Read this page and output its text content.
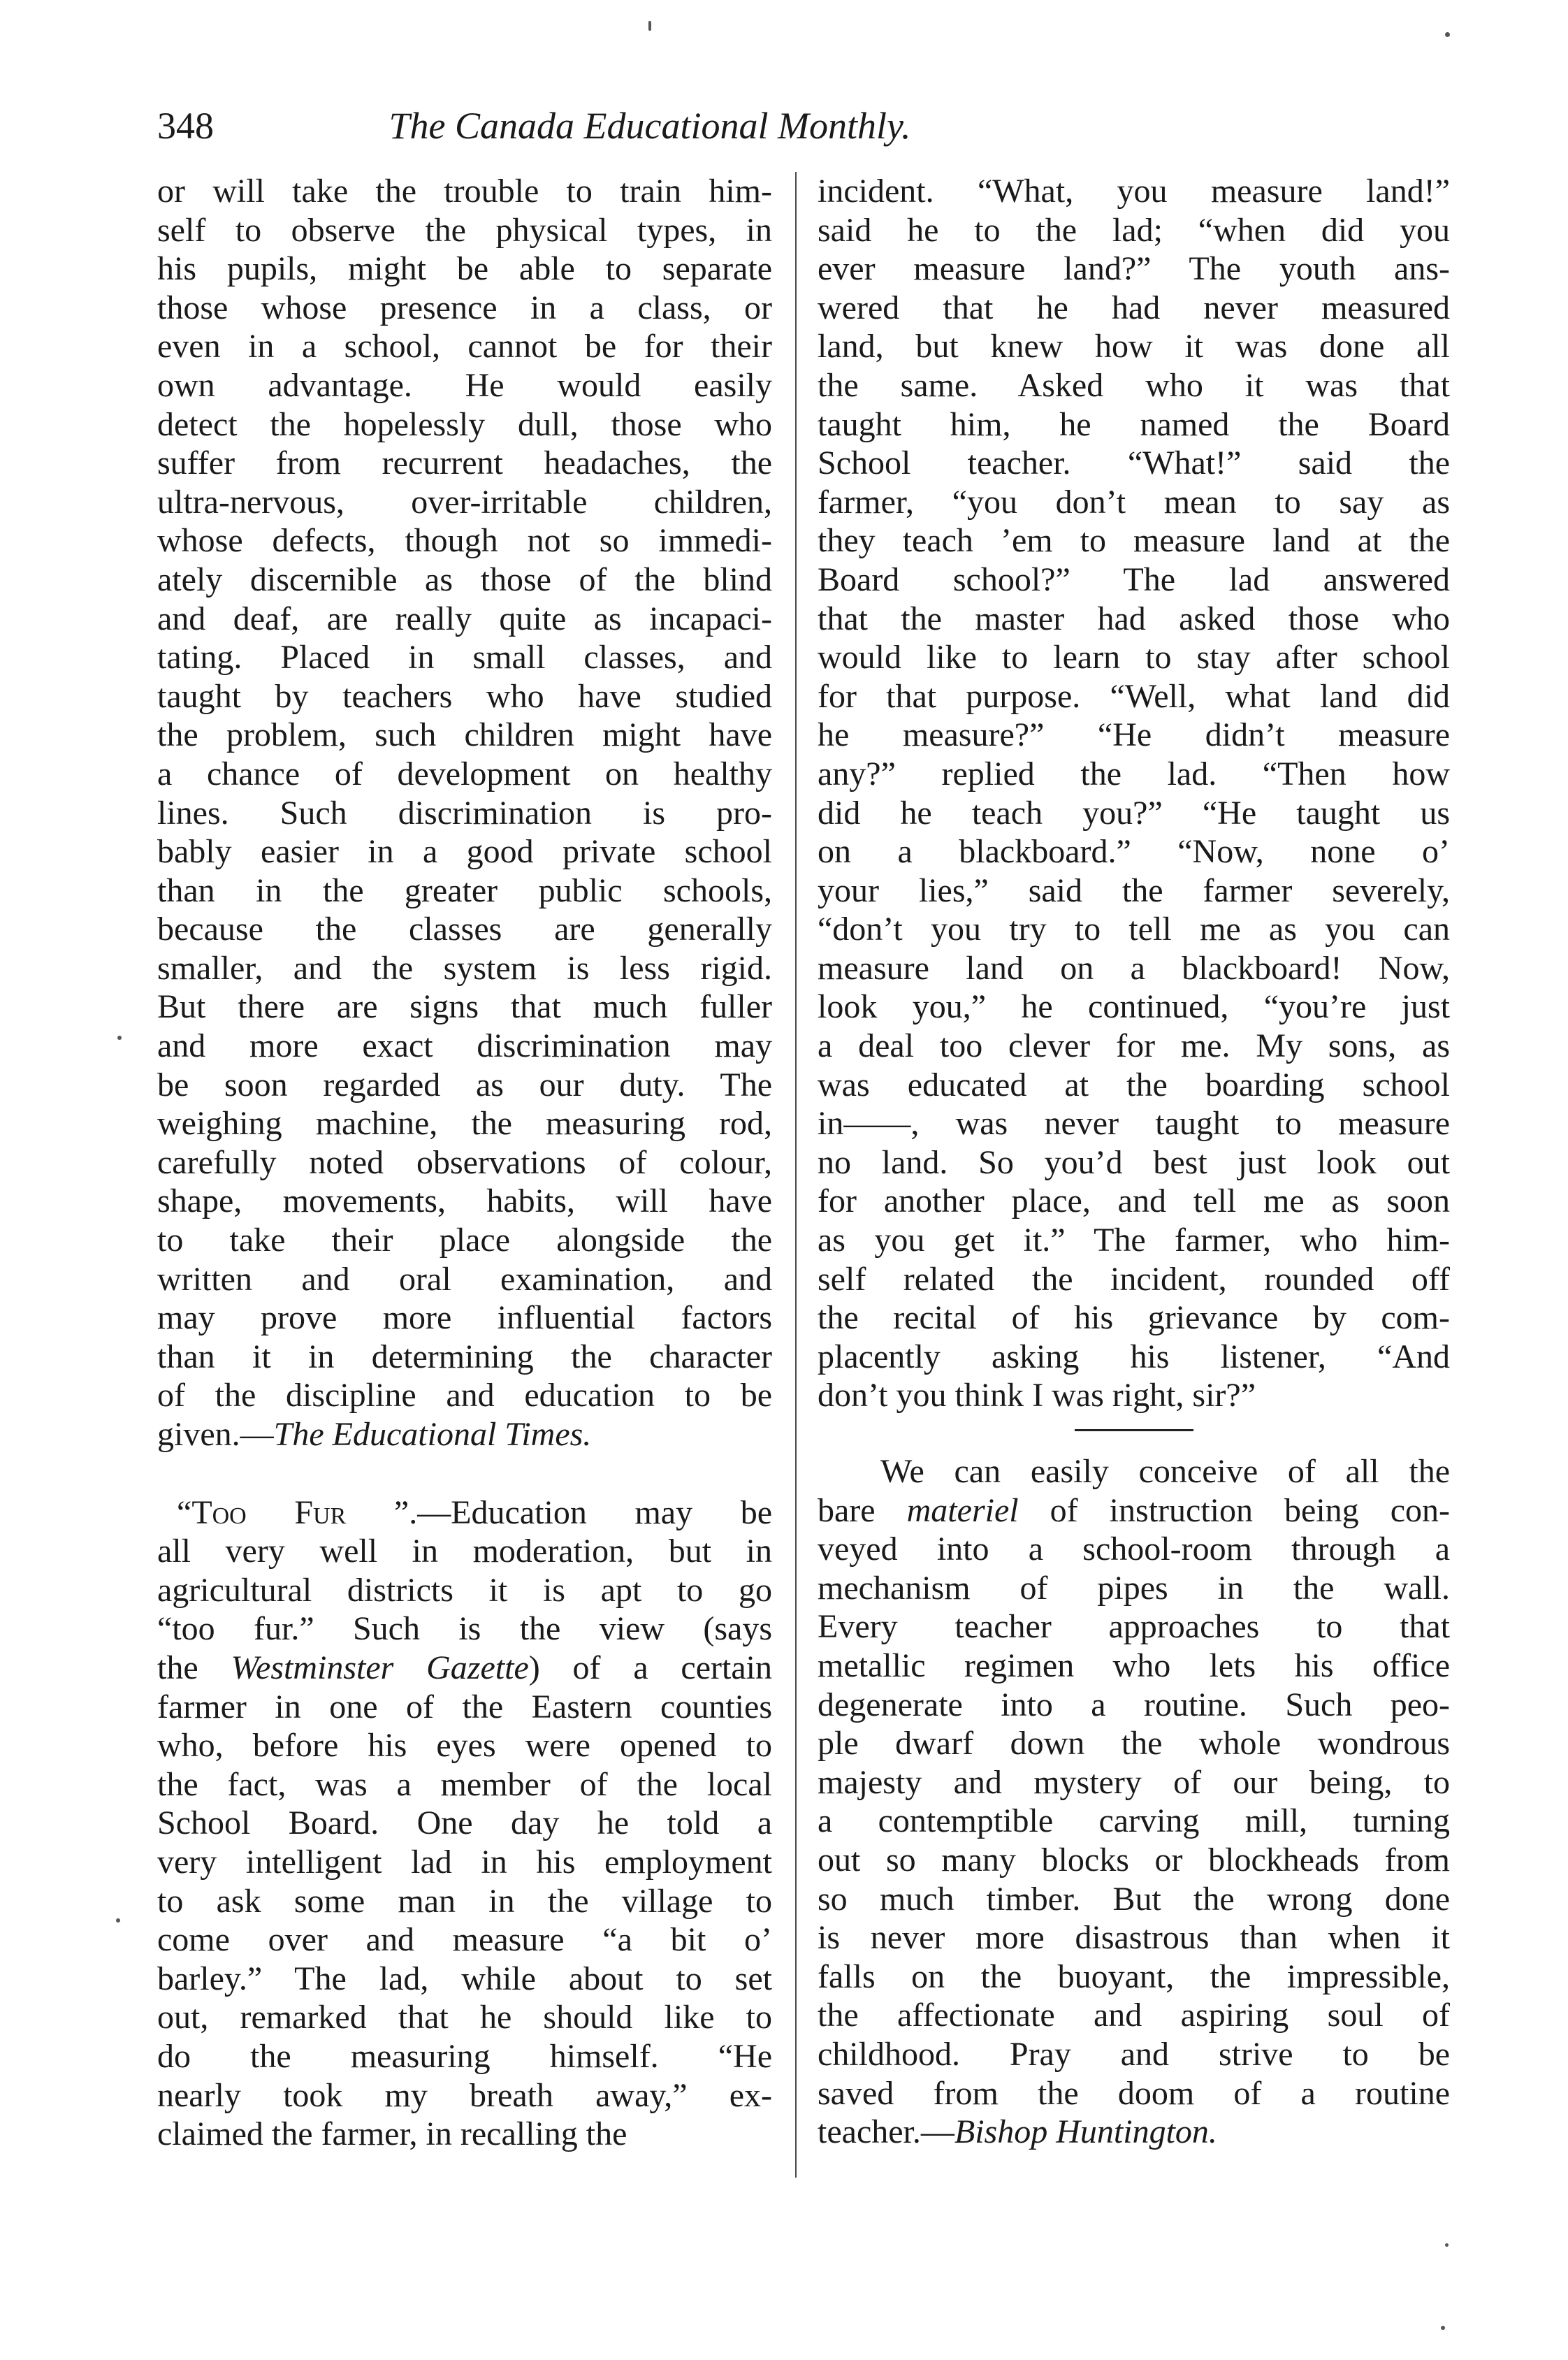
348	The Canada Educational Monthly.
or will take the trouble to train him-
self to observe the physical types, in
his pupils, might be able to separate
those whose presence in a class, or
even in a school, cannot be for their
own advantage. He would easily
detect the hopelessly dull, those who
suffer from recurrent headaches, the
ultra-nervous, over-irritable children,
whose defects, though not so immedi-
ately discernible as those of the blind
and deaf, are really quite as incapaci-
tating. Placed in small classes, and
taught by teachers who have studied
the problem, such children might have
a chance of development on healthy
lines. Such discrimination is pro-
bably easier in a good private school
than in the greater public schools,
because the classes are generally
smaller, and the system is less rigid.
But there are signs that much fuller
and more exact discrimination may
be soon regarded as our duty. The
weighing machine, the measuring rod,
carefully noted observations of colour,
shape, movements, habits, will have
to take their place alongside the
written and oral examination, and
may prove more influential factors
than it in determining the character
of the discipline and education to be
given.—The Educational Times.
“Too Fur ”.—Education may be
all very well in moderation, but in
agricultural districts it is apt to go
“too fur.” Such is the view (says
the Westminster Gazette) of a certain
farmer in one of the Eastern counties
who, before his eyes were opened to
the fact, was a member of the local
School Board. One day he told a
very intelligent lad in his employment
to ask some man in the village to
come over and measure “a bit o’
barley.” The lad, while about to set
out, remarked that he should like to
do the measuring himself. “He
nearly took my breath away,” ex-
claimed the farmer, in recalling the
incident. “What, you measure land!”
said he to the lad; “when did you
ever measure land?” The youth ans-
wered that he had never measured
land, but knew how it was done all
the same. Asked who it was that
taught him, he named the Board
School teacher. “What!” said the
farmer, “you don’t mean to say as
they teach ’em to measure land at the
Board school?” The lad answered
that the master had asked those who
would like to learn to stay after school
for that purpose. “Well, what land did
he measure?” “He didn’t measure
any?” replied the lad. “Then how
did he teach you?” “He taught us
on a blackboard.” “Now, none o’
your lies,” said the farmer severely,
“don’t you try to tell me as you can
measure land on a blackboard! Now,
look you,” he continued, “you’re just
a deal too clever for me. My sons, as
was educated at the boarding school
in——, was never taught to measure
no land. So you’d best just look out
for another place, and tell me as soon
as you get it.” The farmer, who him-
self related the incident, rounded off
the recital of his grievance by com-
placently asking his listener, “And
don’t you think I was right, sir?”
We can easily conceive of all the
bare materiel of instruction being con-
veyed into a school-room through a
mechanism of pipes in the wall.
Every teacher approaches to that
metallic regimen who lets his office
degenerate into a routine. Such peo-
ple dwarf down the whole wondrous
majesty and mystery of our being, to
a contemptible carving mill, turning
out so many blocks or blockheads from
so much timber. But the wrong done
is never more disastrous than when it
falls on the buoyant, the impressible,
the affectionate and aspiring soul of
childhood. Pray and strive to be
saved from the doom of a routine
teacher.—Bishop Huntington.
